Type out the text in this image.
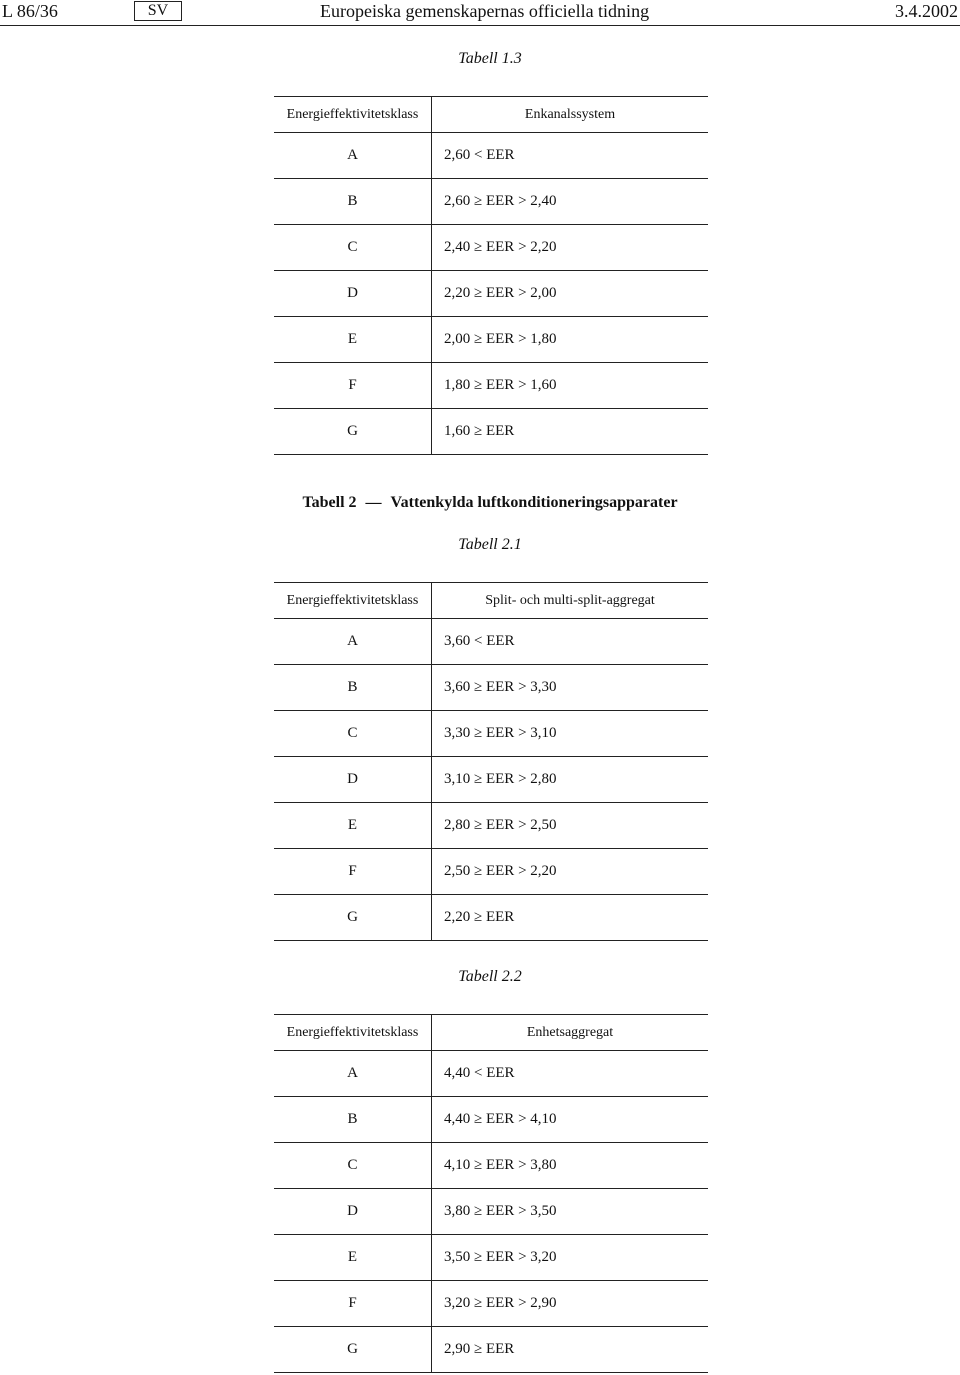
L 86/36	SV	Europeiska gemenskapernas officiella tidning	3.4.2002
Tabell 1.3
Energieffektivitetsklass	Enkanalssystem
A	2,60 < EER
B	2,60 ≥ EER > 2,40
C	2,40 ≥ EER > 2,20
D	2,20 ≥ EER > 2,00
E	2,00 ≥ EER > 1,80
F	1,80 ≥ EER > 1,60
G	1,60 ≥ EER
Tabell 2 — Vattenkylda luftkonditioneringsapparater
Tabell 2.1
Energieffektivitetsklass	Split- och multi-split-aggregat
A	3,60 < EER
B	3,60 ≥ EER > 3,30
C	3,30 ≥ EER > 3,10
D	3,10 ≥ EER > 2,80
E	2,80 ≥ EER > 2,50
F	2,50 ≥ EER > 2,20
G	2,20 ≥ EER
Tabell 2.2
Energieffektivitetsklass	Enhetsaggregat
A	4,40 < EER
B	4,40 ≥ EER > 4,10
C	4,10 ≥ EER > 3,80
D	3,80 ≥ EER > 3,50
E	3,50 ≥ EER > 3,20
F	3,20 ≥ EER > 2,90
G	2,90 ≥ EER
